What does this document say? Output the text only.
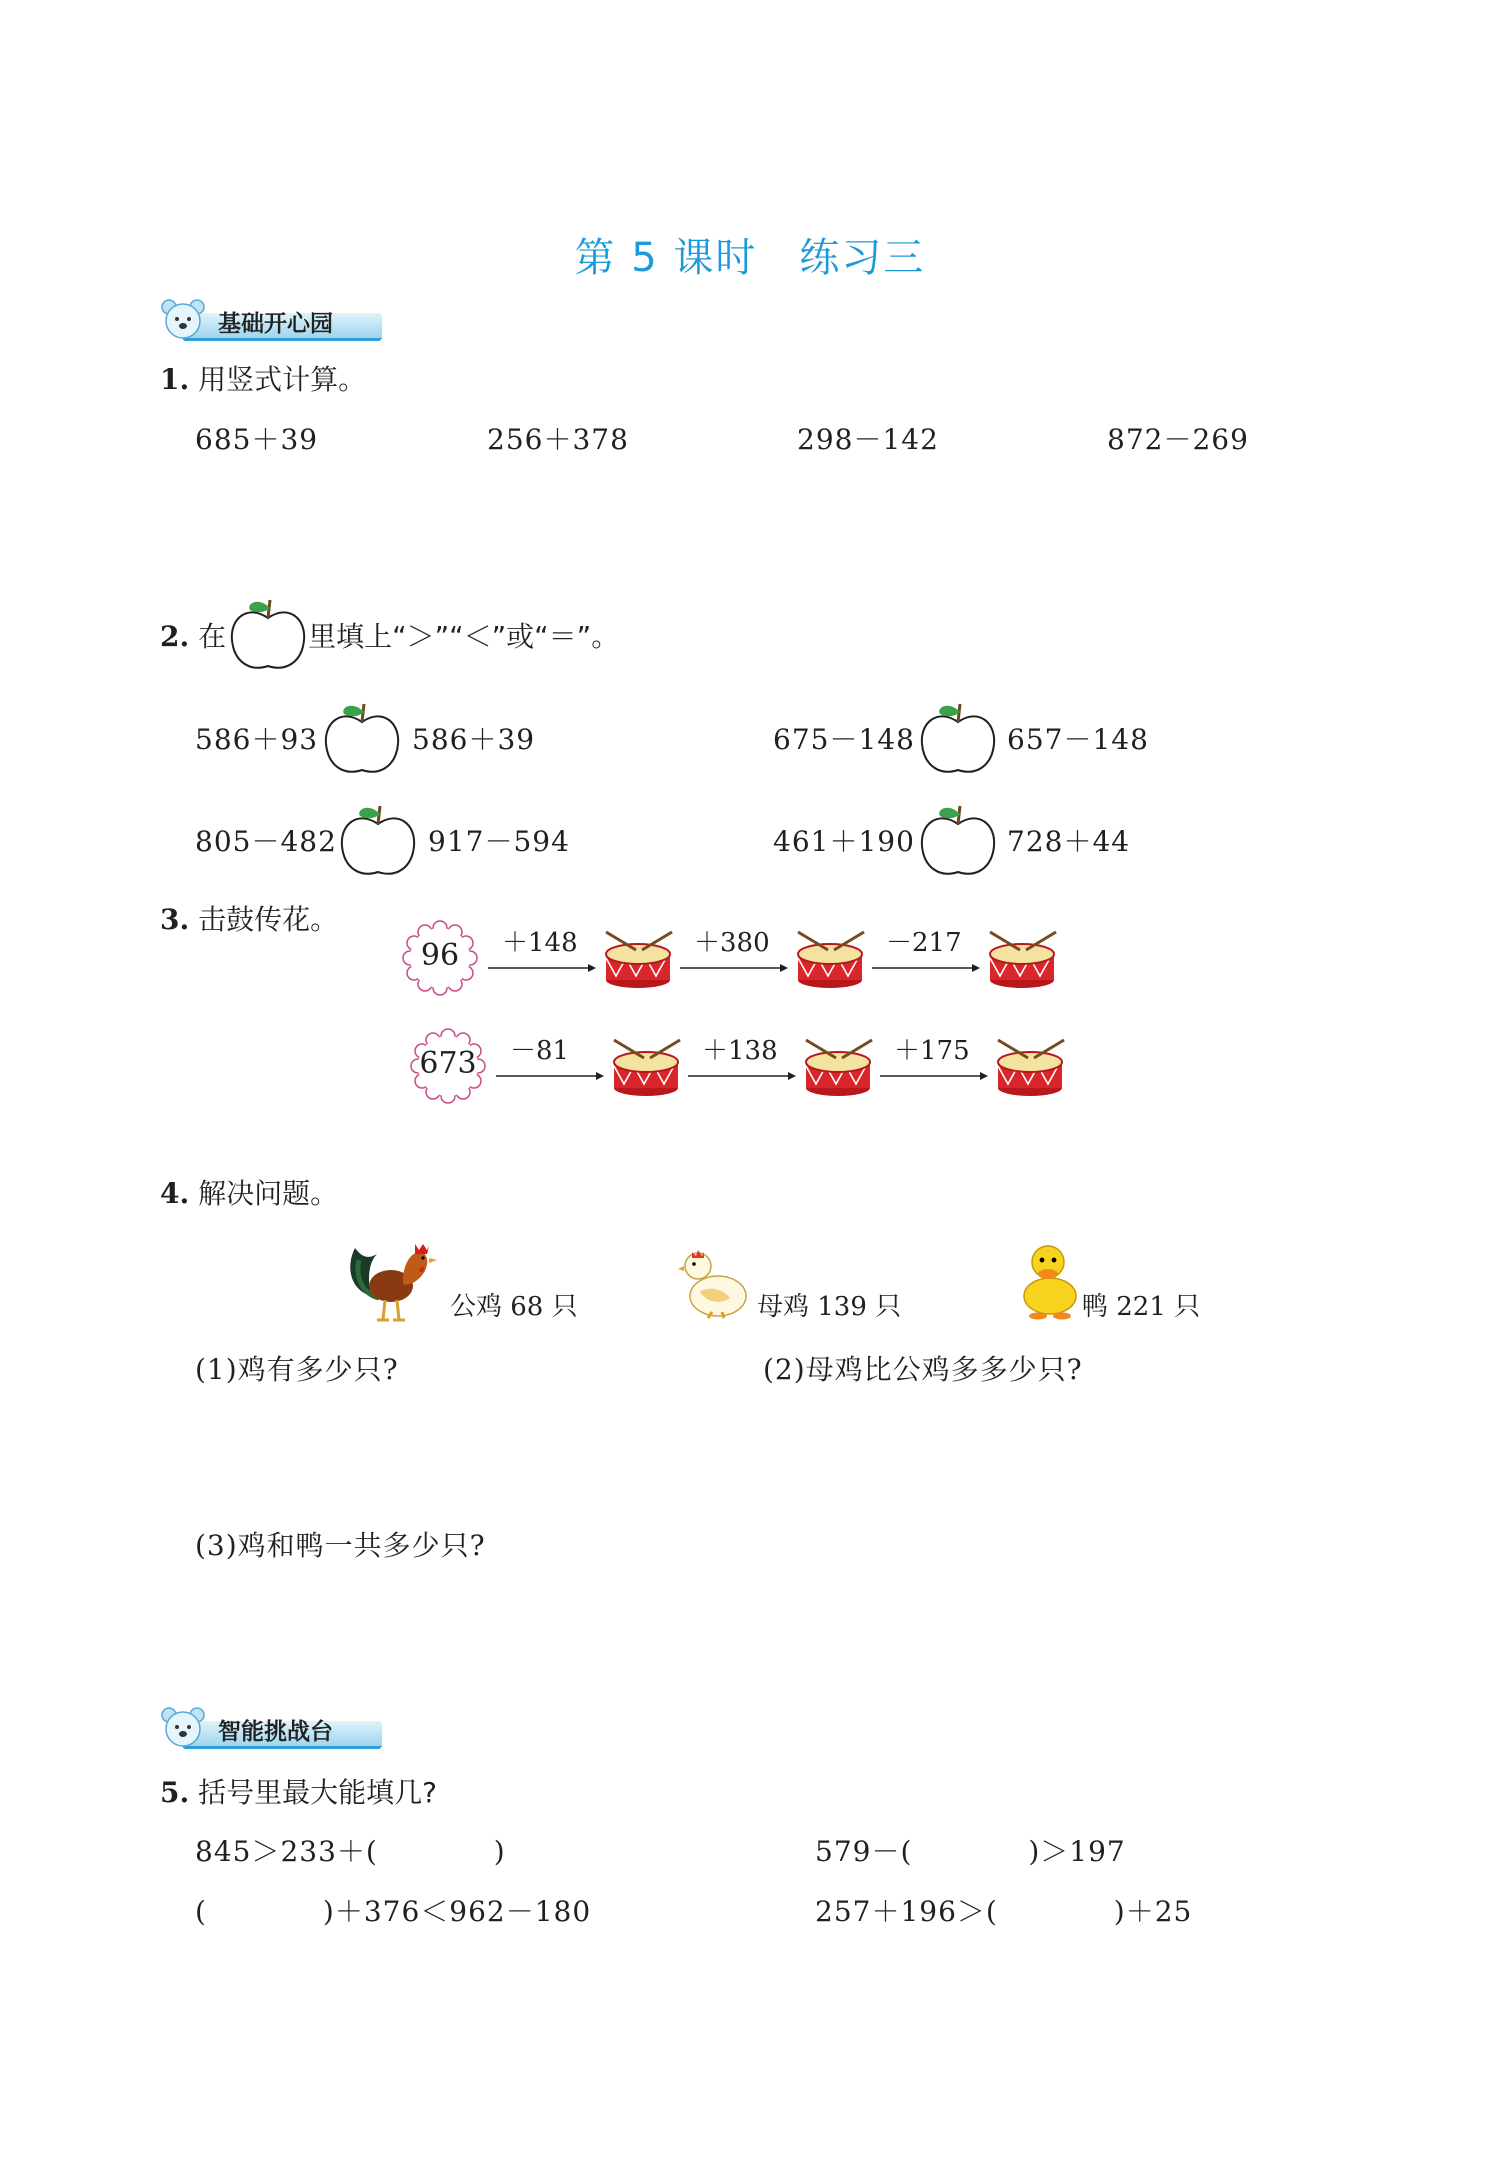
第 5 课时　练习三
基础开心园
1. 用竖式计算。
685＋39	256＋378	298－142	872－269
2. 在	里填上“＞”“＜”或“＝”。
586＋93	586＋39	675－148	657－148
805－482	917－594	461＋190	728＋44
3. 击鼓传花。
4. 解决问题。
公鸡 68 只	母鸡 139 只	鸭 221 只
(1)鸡有多少只?	(2)母鸡比公鸡多多少只?
(3)鸡和鸭一共多少只?
智能挑战台
5. 括号里最大能填几?
845＞233＋(　　　　)	579－(　　　　)＞197
(　　　　)＋376＜962－180	257＋196＞(　　　　)＋25
96	＋148	＋380	－217
673	－81	＋138	＋175
